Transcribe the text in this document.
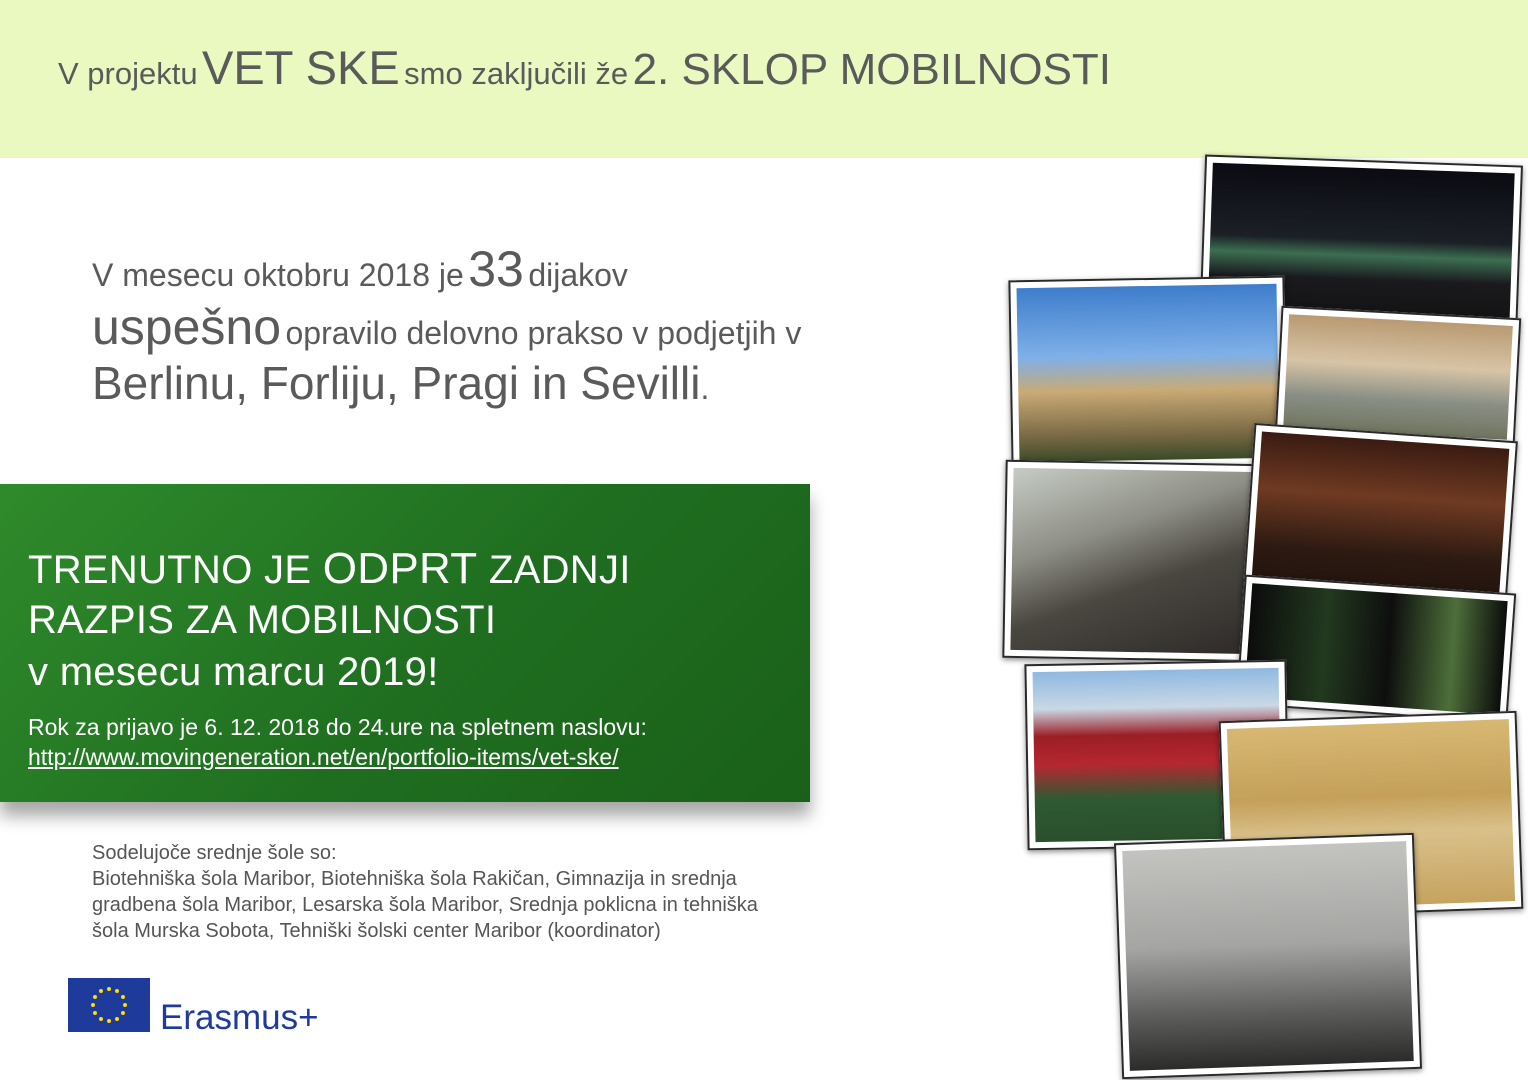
V projektu VET SKE smo zaključili že 2. SKLOP MOBILNOSTI
V mesecu oktobru 2018 je 33 dijakov
uspešno opravilo delovno prakso v podjetjih v
Berlinu, Forliju, Pragi in Sevilli.
TRENUTNO JE ODPRT ZADNJI
RAZPIS ZA MOBILNOSTI
v mesecu marcu 2019!
Rok za prijavo je 6. 12. 2018 do 24.ure na spletnem naslovu:
http://www.movingeneration.net/en/portfolio-items/vet-ske/
Sodelujoče srednje šole so:
Biotehniška šola Maribor, Biotehniška šola Rakičan, Gimnazija in srednja
gradbena šola Maribor, Lesarska šola Maribor, Srednja poklicna in tehniška
šola Murska Sobota, Tehniški šolski center Maribor (koordinator)
Erasmus+
